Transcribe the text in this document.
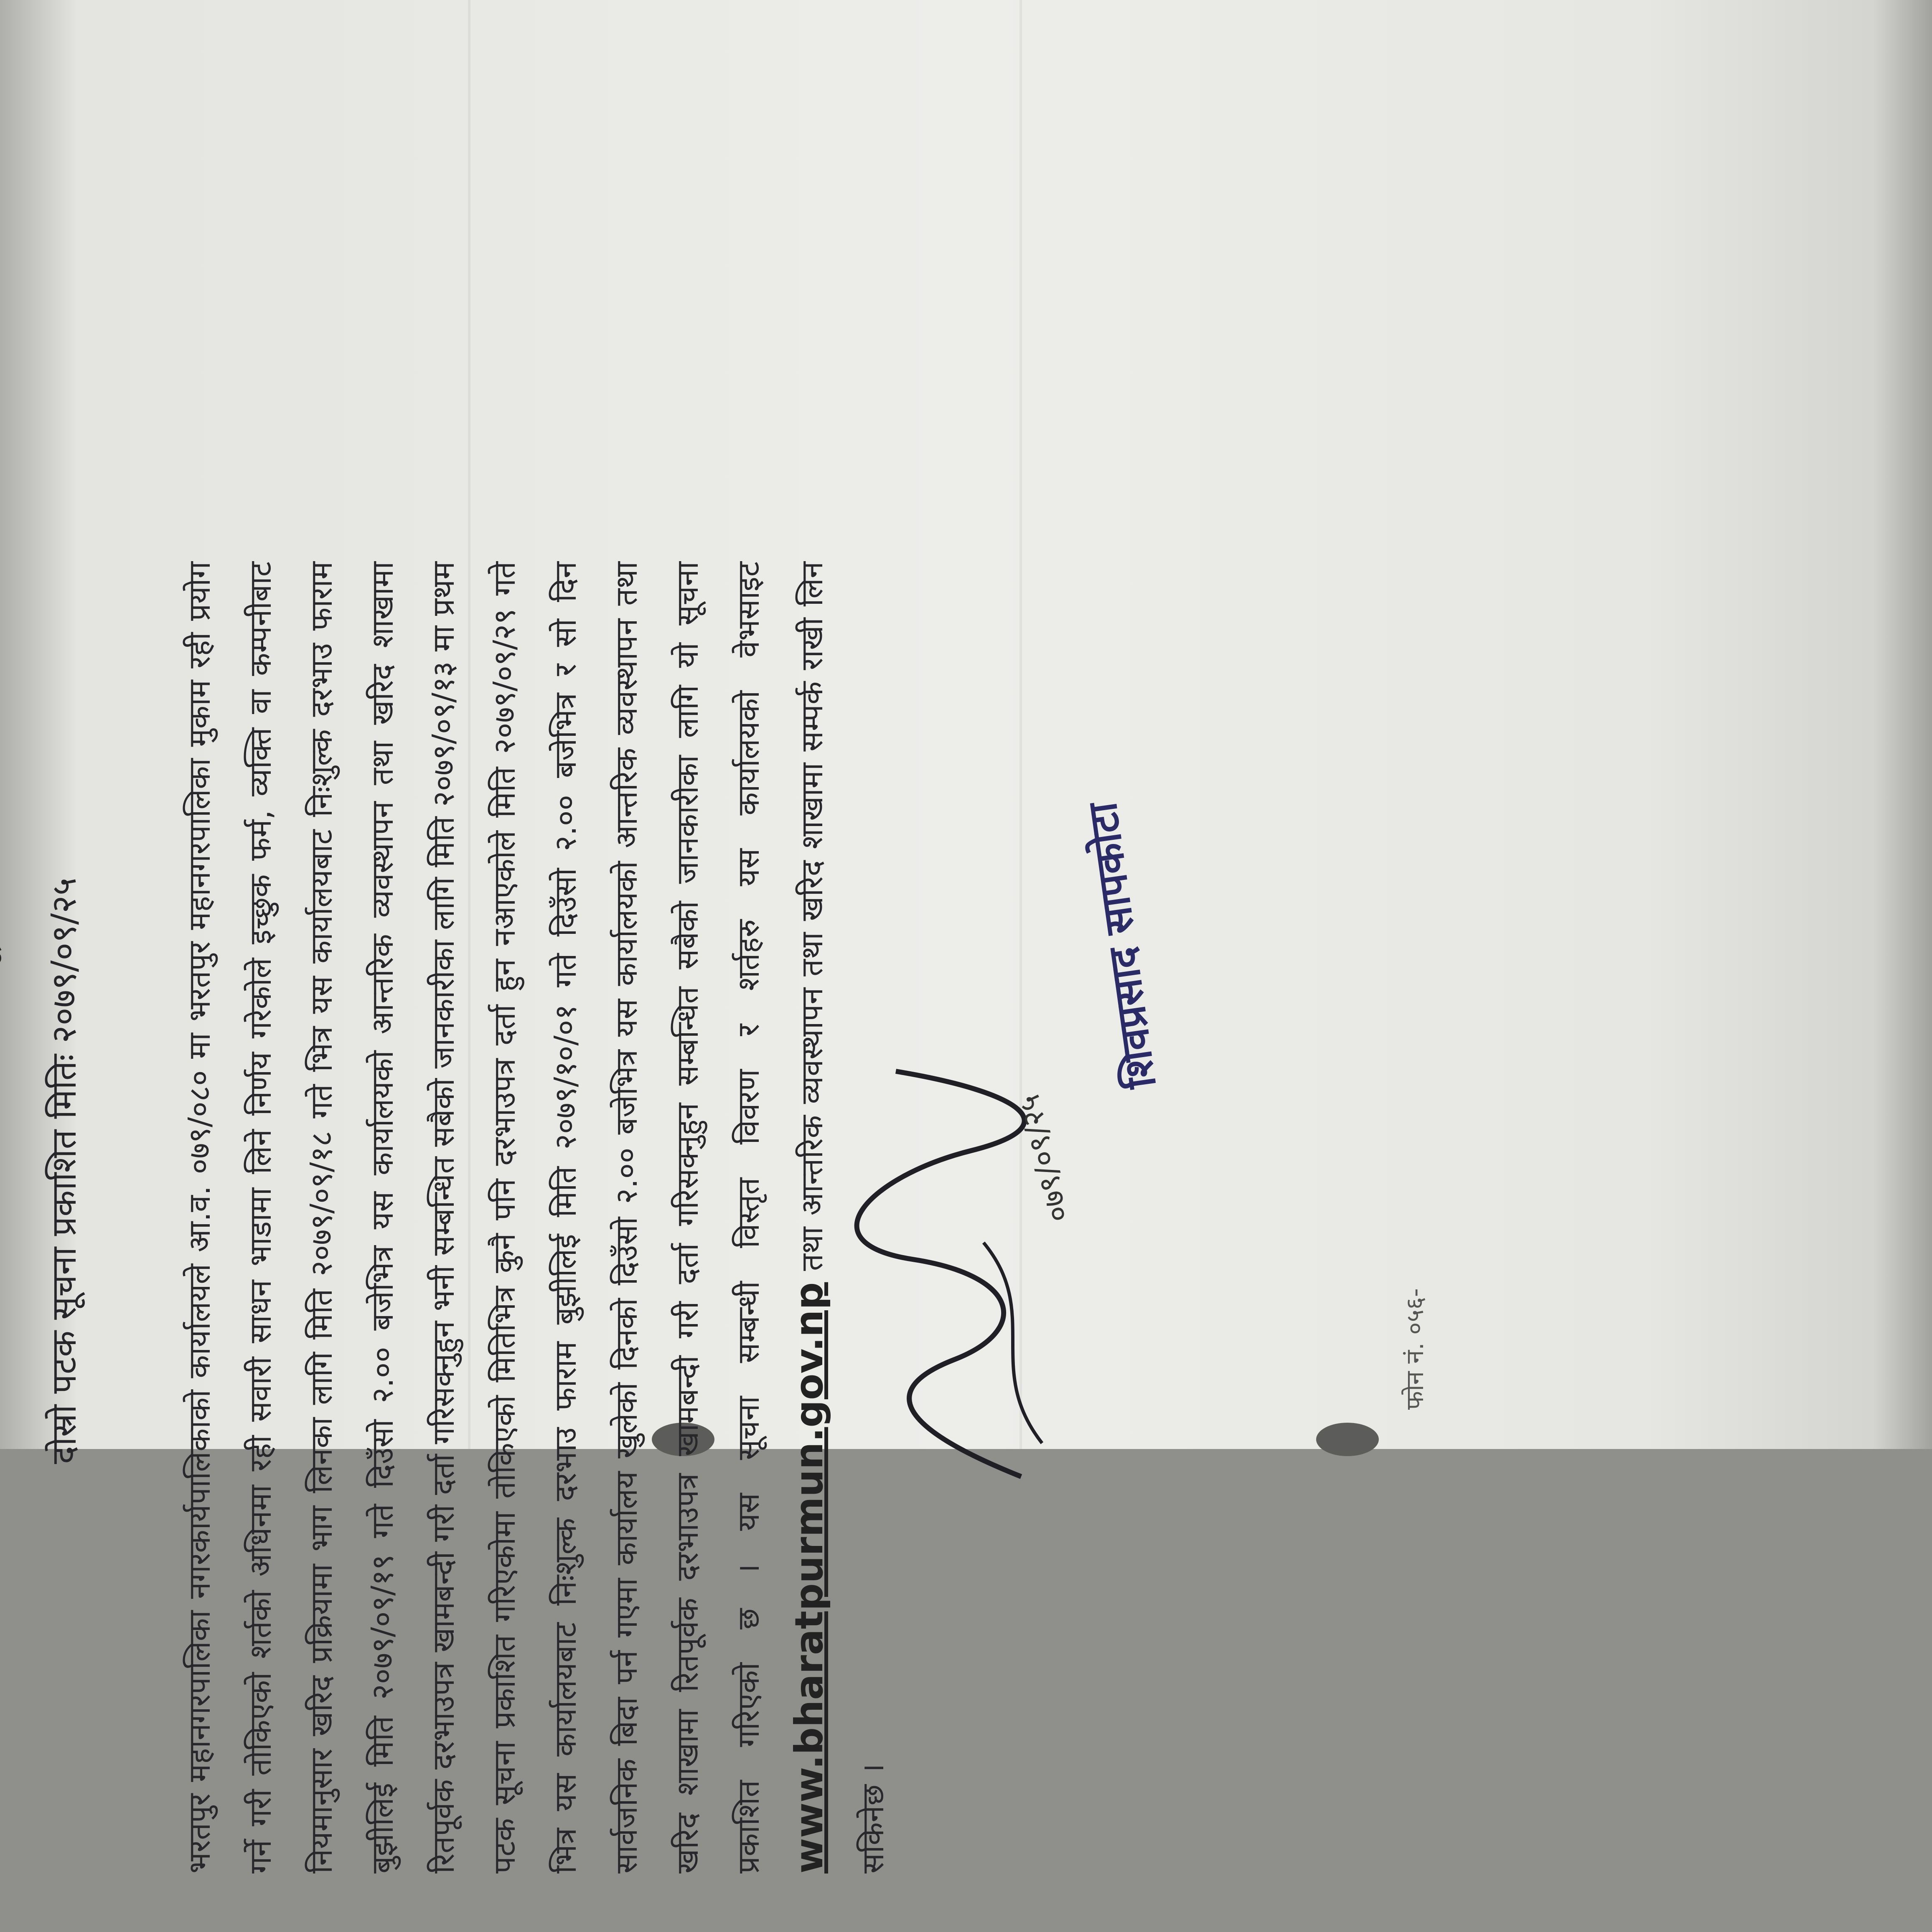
दोस्रो पटक सूचना प्रकाशित मितिः २०७९/०९/२५	भरतपुर महानगरपालिका नगरकार्यपालिकाको कार्यालयले आ.व. ०७९/०८० मा भरतपुर महानगरपालिका मुकाम रही प्रयोग गर्ने गरी तोकिएको शर्तको अधिनमा रही सवारी साधन भाडामा लिने निर्णय गरेकोले इच्छुक फर्म, व्यक्ति वा कम्पनीबाट नियमानुसार खरिद प्रक्रियामा भाग लिनका लागि मिति २०७९/०९/१८ गते भित्र यस कार्यालयबाट निःशुल्क दरभाउ फाराम बुझीलिई मिति २०७९/०९/१९ गते दिउँसो २.०० बजेभित्र यस कार्यालयको आन्तरिक व्यवस्थापन तथा खरिद शाखामा रितपूर्वक दरभाउपत्र खामबन्दी गरी दर्ता गरिसक्नुहुन भनी सम्बन्धित सबैको जानकारीका लागि मिति २०७९/०९/१३ मा प्रथम पटक सूचना प्रकाशित गरिएकोमा तोकिएको मितिभित्र कुनै पनि दरभाउपत्र दर्ता हुन नआएकोले मिति २०७९/०९/२९ गते भित्र यस कार्यालयबाट निःशुल्क दरभाउ फाराम बुझीलिई मिति २०७९/१०/०१ गते दिउँसो २.०० बजेभित्र र सो दिन सार्वजनिक बिदा पर्न गएमा कार्यालय खुलेको दिनको दिउँसो २.०० बजेभित्र यस कार्यालयको आन्तरिक व्यवस्थापन तथा खरिद शाखामा रितपूर्वक दरभाउपत्र खामबन्दी गरी दर्ता गरिसक्नुहुन सम्बन्धित सबैको जानकारीका लागि यो सूचना प्रकाशित गरिएको छ । यस सूचना सम्बन्धी विस्तृत विवरण र शर्तहरु यस कार्यालयको वेभसाइट www.bharatpurmun.gov.np तथा आन्तरिक व्यवस्थापन तथा खरिद शाखामा सम्पर्क राखी लिन सकिनेछ ।
०७९/०९/२५
शिवप्रसाद सापकोटा
फोन नं. ०५६-
